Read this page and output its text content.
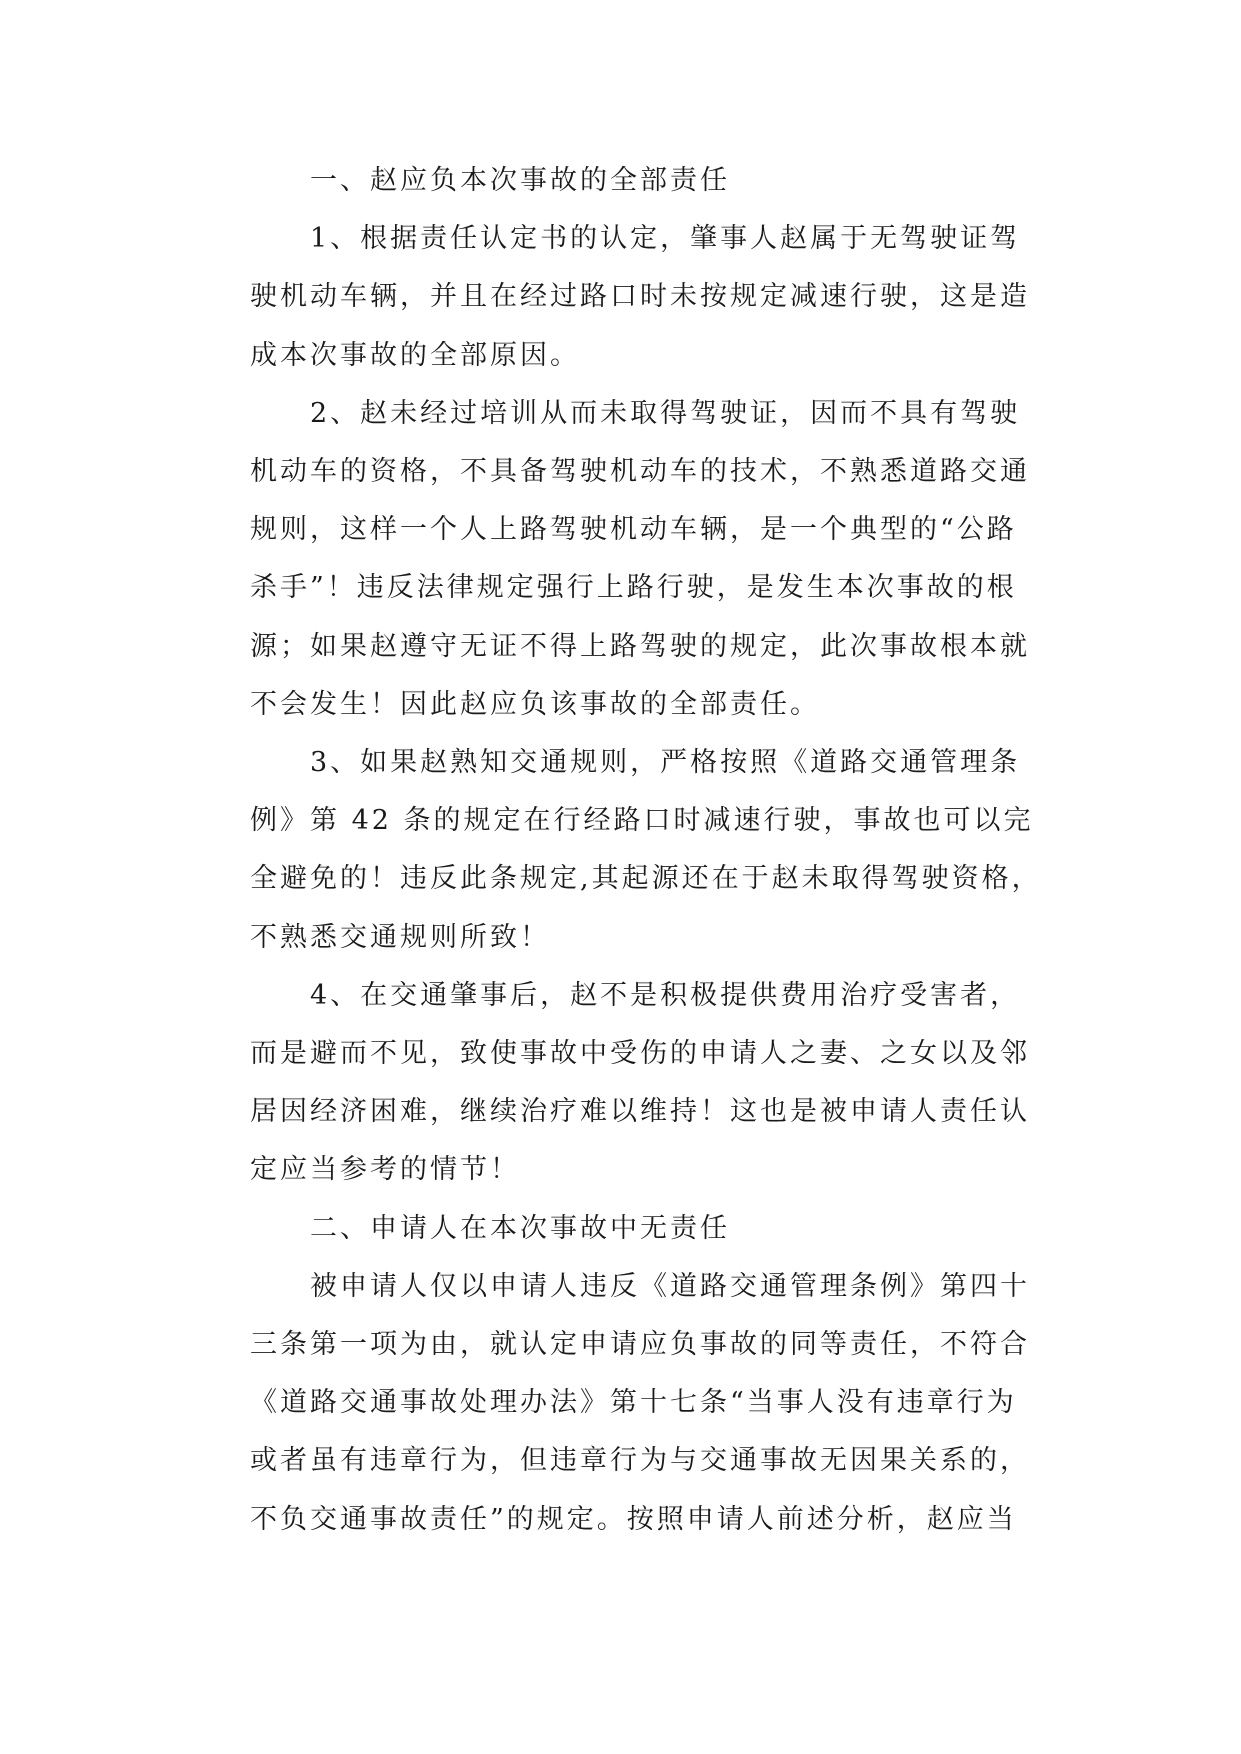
一、赵应负本次事故的全部责任
1、根据责任认定书的认定，肇事人赵属于无驾驶证驾
驶机动车辆，并且在经过路口时未按规定减速行驶，这是造
成本次事故的全部原因。
2、赵未经过培训从而未取得驾驶证，因而不具有驾驶
机动车的资格，不具备驾驶机动车的技术，不熟悉道路交通
规则，这样一个人上路驾驶机动车辆，是一个典型的“公路
杀手”！违反法律规定强行上路行驶，是发生本次事故的根
源；如果赵遵守无证不得上路驾驶的规定，此次事故根本就
不会发生！因此赵应负该事故的全部责任。
3、如果赵熟知交通规则，严格按照《道路交通管理条
例》第 42 条的规定在行经路口时减速行驶，事故也可以完
全避免的！违反此条规定,其起源还在于赵未取得驾驶资格，
不熟悉交通规则所致！
4、在交通肇事后，赵不是积极提供费用治疗受害者，
而是避而不见，致使事故中受伤的申请人之妻、之女以及邻
居因经济困难，继续治疗难以维持！这也是被申请人责任认
定应当参考的情节！
二、申请人在本次事故中无责任
被申请人仅以申请人违反《道路交通管理条例》第四十
三条第一项为由，就认定申请应负事故的同等责任，不符合
《道路交通事故处理办法》第十七条“当事人没有违章行为
或者虽有违章行为，但违章行为与交通事故无因果关系的，
不负交通事故责任”的规定。按照申请人前述分析，赵应当
